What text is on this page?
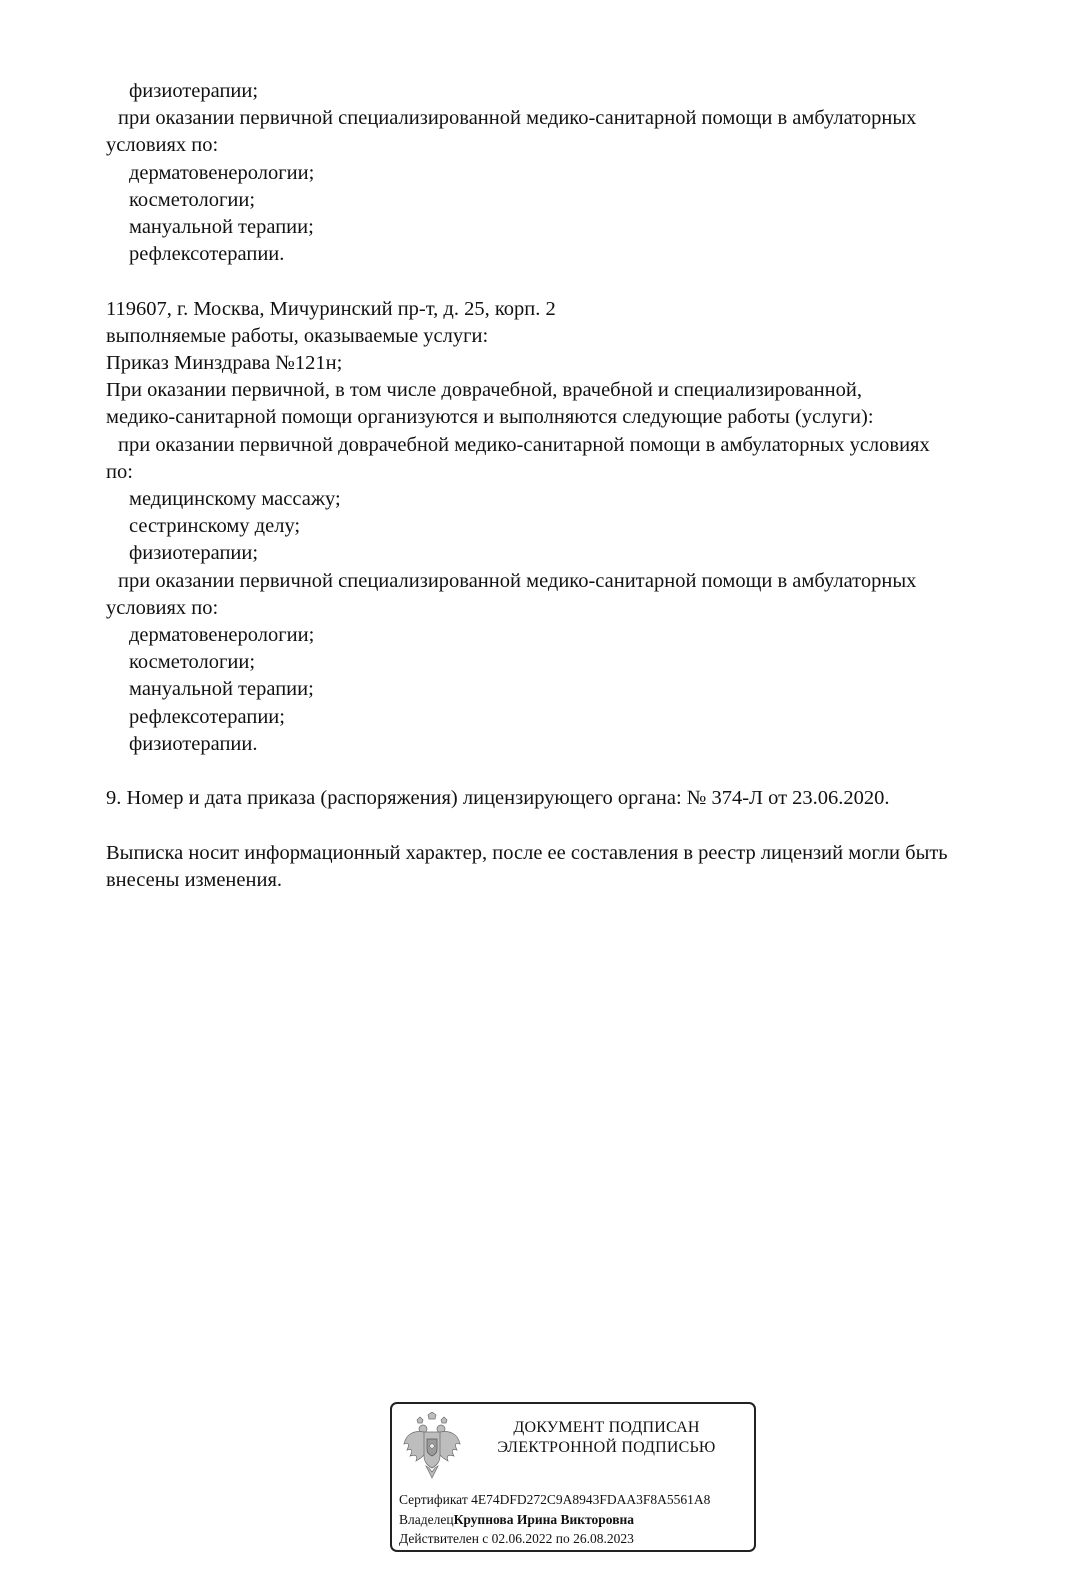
физиотерапии;
при оказании первичной специализированной медико-санитарной помощи в амбулаторных
условиях по:
дерматовенерологии;
косметологии;
мануальной терапии;
рефлексотерапии.
119607, г. Москва, Мичуринский пр-т, д. 25, корп. 2
выполняемые работы, оказываемые услуги:
Приказ Минздрава №121н;
При оказании первичной, в том числе доврачебной, врачебной и специализированной,
медико-санитарной помощи организуются и выполняются следующие работы (услуги):
при оказании первичной доврачебной медико-санитарной помощи в амбулаторных условиях
по:
медицинскому массажу;
сестринскому делу;
физиотерапии;
при оказании первичной специализированной медико-санитарной помощи в амбулаторных
условиях по:
дерматовенерологии;
косметологии;
мануальной терапии;
рефлексотерапии;
физиотерапии.
9. Номер и дата приказа (распоряжения) лицензирующего органа: № 374-Л от 23.06.2020.
Выписка носит информационный характер, после ее составления в реестр лицензий могли быть
внесены изменения.
ДОКУМЕНТ ПОДПИСАН
ЭЛЕКТРОННОЙ ПОДПИСЬЮ
Сертификат 4E74DFD272C9A8943FDAA3F8A5561A8
ВладелецКрупнова Ирина Викторовна
Действителен с 02.06.2022 по 26.08.2023
